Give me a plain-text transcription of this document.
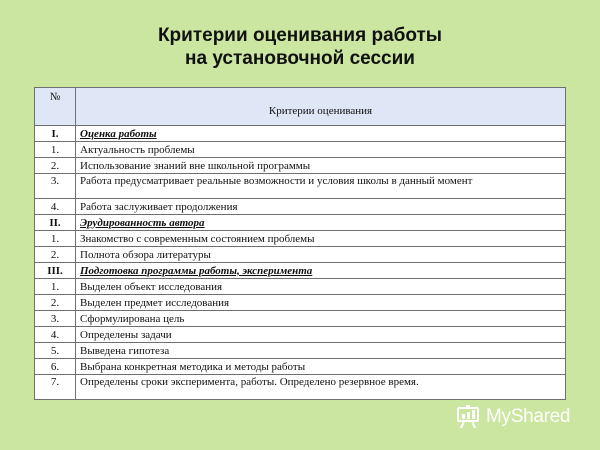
Критерии оценивания работы
на установочной сессии
№	Критерии оценивания
I.	Оценка работы
1.	Актуальность проблемы
2.	Использование знаний вне школьной программы
3.	Работа предусматривает реальные возможности и условия школы в данный момент
4.	Работа заслуживает продолжения
II.	Эрудированность автора
1.	Знакомство с современным состоянием проблемы
2.	Полнота обзора литературы
III.	Подготовка программы работы, эксперимента
1.	Выделен объект исследования
2.	Выделен предмет исследования
3.	Сформулирована цель
4.	Определены задачи
5.	Выведена гипотеза
6.	Выбрана конкретная методика и методы работы
7.	Определены сроки эксперимента, работы. Определено резервное время.
MyShared
